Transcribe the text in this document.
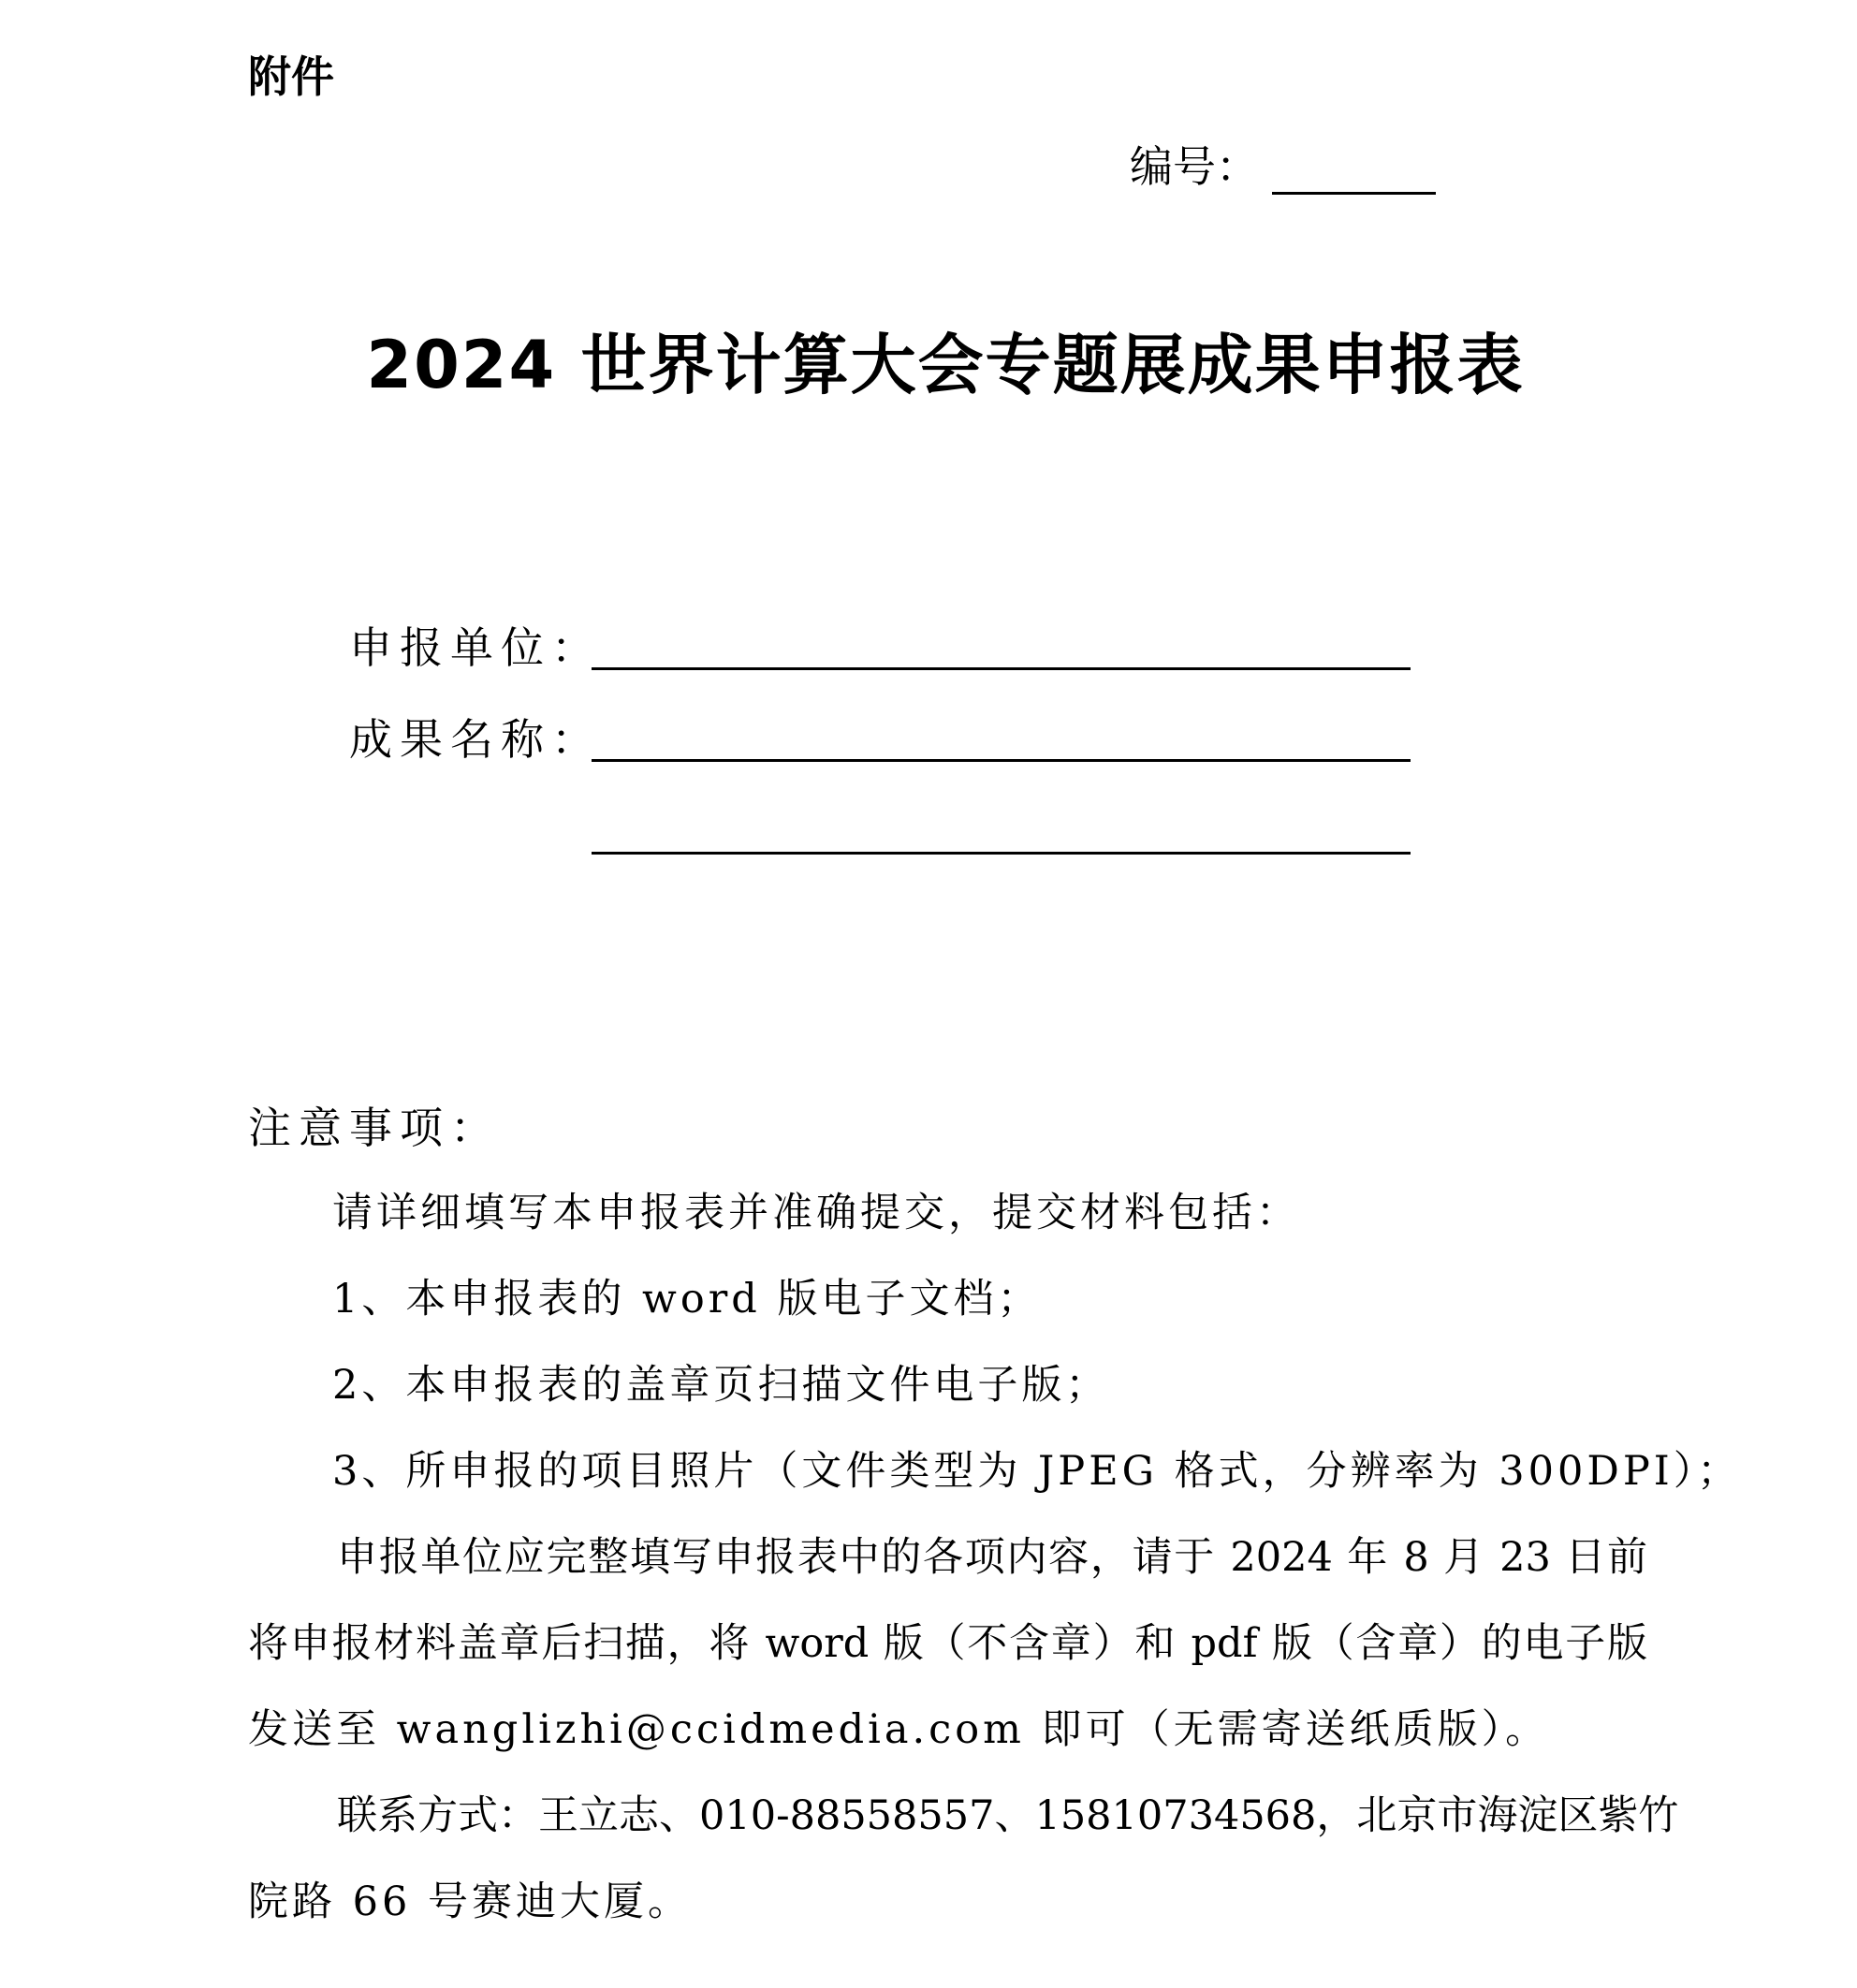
附件
编号：
2024 世界计算大会专题展成果申报表
申报单位：
成果名称：
注意事项：
请详细填写本申报表并准确提交，提交材料包括：
1、本申报表的 word 版电子文档；
2、本申报表的盖章页扫描文件电子版；
3、所申报的项目照片（文件类型为 JPEG 格式，分辨率为 300DPI）；
申报单位应完整填写申报表中的各项内容，请于 2024 年 8 月 23 日前
将申报材料盖章后扫描，将 word 版（不含章）和 pdf 版（含章）的电子版
发送至 wanglizhi@ccidmedia.com 即可（无需寄送纸质版）。
联系方式：王立志、010-88558557、15810734568，北京市海淀区紫竹
院路 66 号赛迪大厦。
